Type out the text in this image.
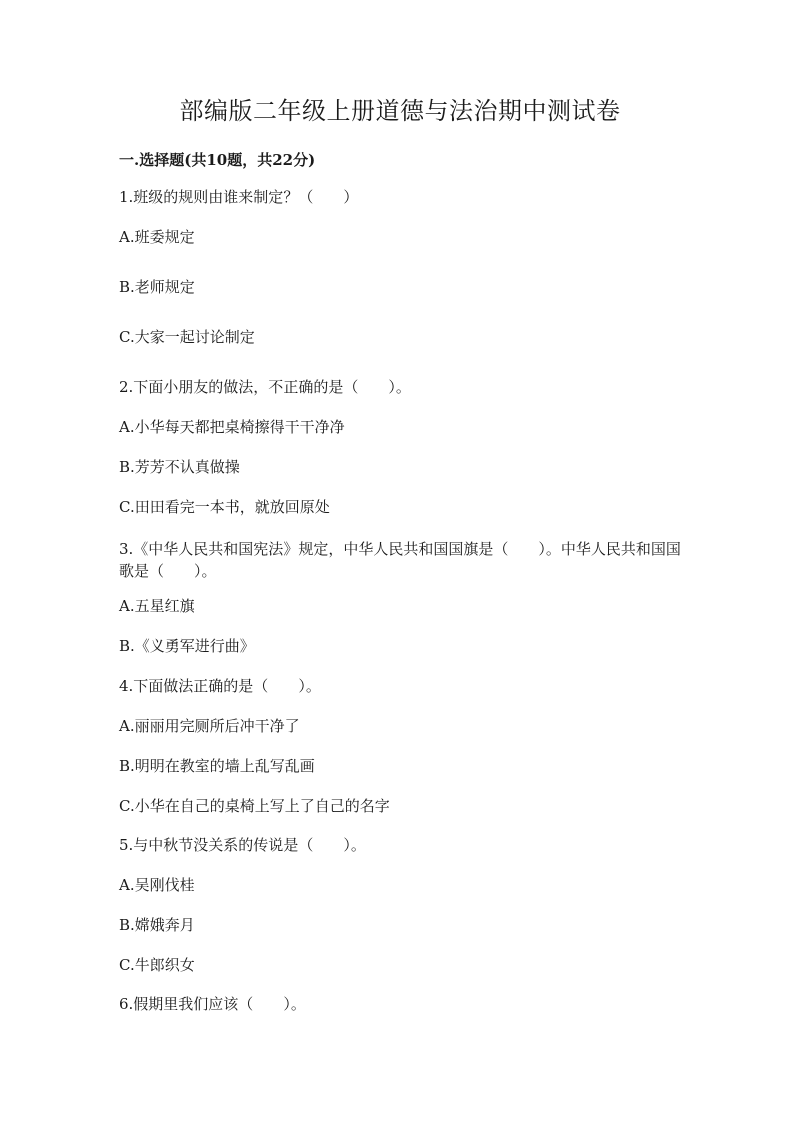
部编版二年级上册道德与法治期中测试卷
一.选择题(共10题，共22分)
1.班级的规则由谁来制定？（　　）
A.班委规定
B.老师规定
C.大家一起讨论制定
2.下面小朋友的做法，不正确的是（　　）。
A.小华每天都把桌椅擦得干干净净
B.芳芳不认真做操
C.田田看完一本书，就放回原处
3.《中华人民共和国宪法》规定，中华人民共和国国旗是（　　）。中华人民共和国国歌是（　　）。
A.五星红旗
B.《义勇军进行曲》
4.下面做法正确的是（　　）。
A.丽丽用完厕所后冲干净了
B.明明在教室的墙上乱写乱画
C.小华在自己的桌椅上写上了自己的名字
5.与中秋节没关系的传说是（　　）。
A.吴刚伐桂
B.嫦娥奔月
C.牛郎织女
6.假期里我们应该（　　）。
